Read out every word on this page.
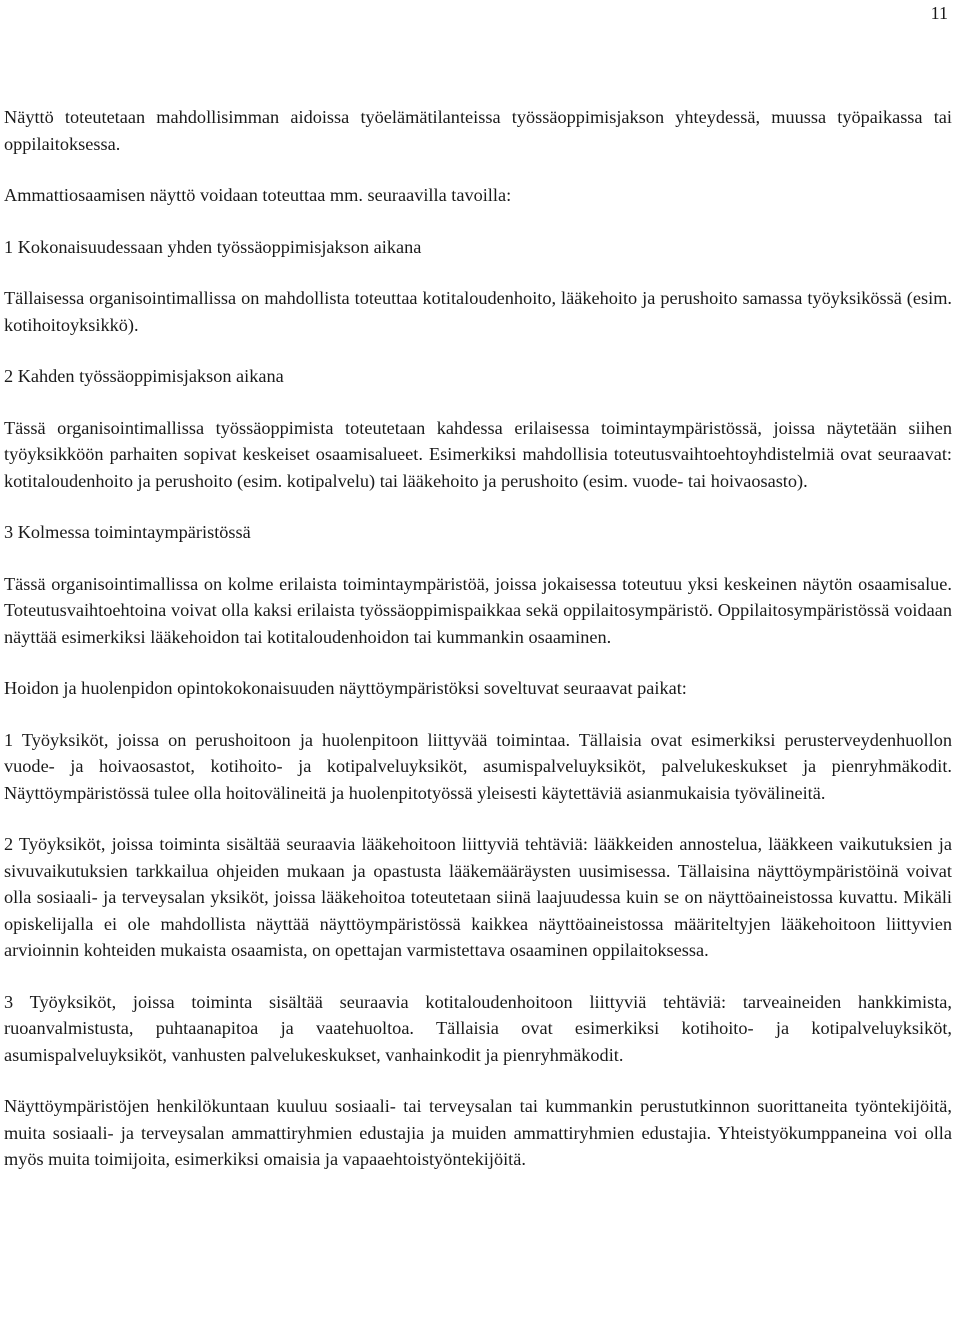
11

Näyttö toteutetaan mahdollisimman aidoissa työelämätilanteissa työssäoppimisjakson yhteydessä, muussa työpaikassa tai oppilaitoksessa.

Ammattiosaamisen näyttö voidaan toteuttaa mm. seuraavilla tavoilla:

1 Kokonaisuudessaan yhden työssäoppimisjakson aikana

Tällaisessa organisointimallissa on mahdollista toteuttaa kotitaloudenhoito, lääkehoito ja perushoito samassa työyksikössä (esim. kotihoitoyksikkö).

2 Kahden työssäoppimisjakson aikana

Tässä organisointimallissa työssäoppimista toteutetaan kahdessa erilaisessa toimintaympäristössä, joissa näytetään siihen työyksikköön parhaiten sopivat keskeiset osaamisalueet. Esimerkiksi mahdollisia toteutusvaihtoehtoyhdistelmiä ovat seuraavat: kotitaloudenhoito ja perushoito (esim. kotipalvelu) tai lääkehoito ja perushoito (esim. vuode- tai hoivaosasto).

3 Kolmessa toimintaympäristössä

Tässä organisointimallissa on kolme erilaista toimintaympäristöä, joissa jokaisessa toteutuu yksi keskeinen näytön osaamisalue. Toteutusvaihtoehtoina voivat olla kaksi erilaista työssäoppimispaikkaa sekä oppilaitosympäristö. Oppilaitosympäristössä voidaan näyttää esimerkiksi lääkehoidon tai kotitaloudenhoidon tai kummankin osaaminen.

Hoidon ja huolenpidon opintokokonaisuuden näyttöympäristöksi soveltuvat seuraavat paikat:

1 Työyksiköt, joissa on perushoitoon ja huolenpitoon liittyvää toimintaa. Tällaisia ovat esimerkiksi perusterveydenhuollon vuode- ja hoivaosastot, kotihoito- ja kotipalveluyksiköt, asumispalveluyksiköt, palvelukeskukset ja pienryhmäkodit. Näyttöympäristössä tulee olla hoitovälineitä ja huolenpitotyössä yleisesti käytettäviä asianmukaisia työvälineitä.

2 Työyksiköt, joissa toiminta sisältää seuraavia lääkehoitoon liittyviä tehtäviä: lääkkeiden annostelua, lääkkeen vaikutuksien ja sivuvaikutuksien tarkkailua ohjeiden mukaan ja opastusta lääkemääräysten uusimisessa. Tällaisina näyttöympäristöinä voivat olla sosiaali- ja terveysalan yksiköt, joissa lääkehoitoa toteutetaan siinä laajuudessa kuin se on näyttöaineistossa kuvattu. Mikäli opiskelijalla ei ole mahdollista näyttää näyttöympäristössä kaikkea näyttöaineistossa määriteltyjen lääkehoitoon liittyvien arvioinnin kohteiden mukaista osaamista, on opettajan varmistettava osaaminen oppilaitoksessa.

3 Työyksiköt, joissa toiminta sisältää seuraavia kotitaloudenhoitoon liittyviä tehtäviä: tarveaineiden hankkimista, ruoanvalmistusta, puhtaanapitoa ja vaatehuoltoa. Tällaisia ovat esimerkiksi kotihoito- ja kotipalveluyksiköt, asumispalveluyksiköt, vanhusten palvelukeskukset, vanhainkodit ja pienryhmäkodit.

Näyttöympäristöjen henkilökuntaan kuuluu sosiaali- tai terveysalan tai kummankin perustutkinnon suorittaneita työntekijöitä, muita sosiaali- ja terveysalan ammattiryhmien edustajia ja muiden ammattiryhmien edustajia. Yhteistyökumppaneina voi olla myös muita toimijoita, esimerkiksi omaisia ja vapaaehtoistyöntekijöitä.
